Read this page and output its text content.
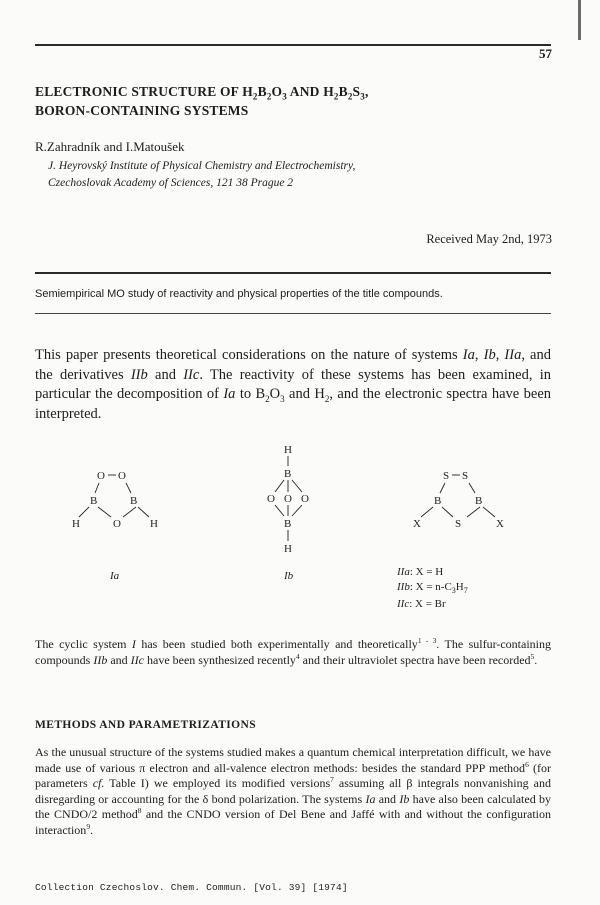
57
ELECTRONIC STRUCTURE OF $H_2B_2O_3$ AND $H_2B_2S_3$,
BORON-CONTAINING SYSTEMS
R.Zahradník and I.Matoušek
J. Heyrovský Institute of Physical Chemistry and Electrochemistry,
Czechoslovak Academy of Sciences, 121 38 Prague 2
Received May 2nd, 1973
Semiempirical MO study of reactivity and physical properties of the title compounds.

This paper presents theoretical considerations on the nature of systems Ia, Ib, IIa, and the derivatives IIb and IIc. The reactivity of these systems has been examined, in particular the decomposition of Ia to $B_2O_3$ and $H_2$, and the electronic spectra have been interpreted.

O O
B	B
H	O	H
Ia
H
B
O O O
B
H
Ib
S S
B	B
X	S	X
IIa: X = H
IIb: $X = n-C_3H_7$
IIc: X = Br

The cyclic system I has been studied both experimentally and theoretically$^{1 - 3}$. The sulfur-containing compounds IIb and IIc have been synthesized recently$^4$ and their ultraviolet spectra have been recorded$^5$.

METHODS AND PARAMETRIZATIONS

As the unusual structure of the systems studied makes a quantum chemical interpretation difficult, we have made use of various π electron and all-valence electron methods: besides the standard PPP method$^6$ (for parameters cf. Table I) we employed its modified versions$^7$ assuming all β integrals nonvanishing and disregarding or accounting for the δ bond polarization. The systems Ia and Ib have also been calculated by the CNDO/2 method$^8$ and the CNDO version of Del Bene and Jaffé with and without the configuration interaction$^9$.

Collection Czechoslov. Chem. Commun. [Vol. 39] [1974]
